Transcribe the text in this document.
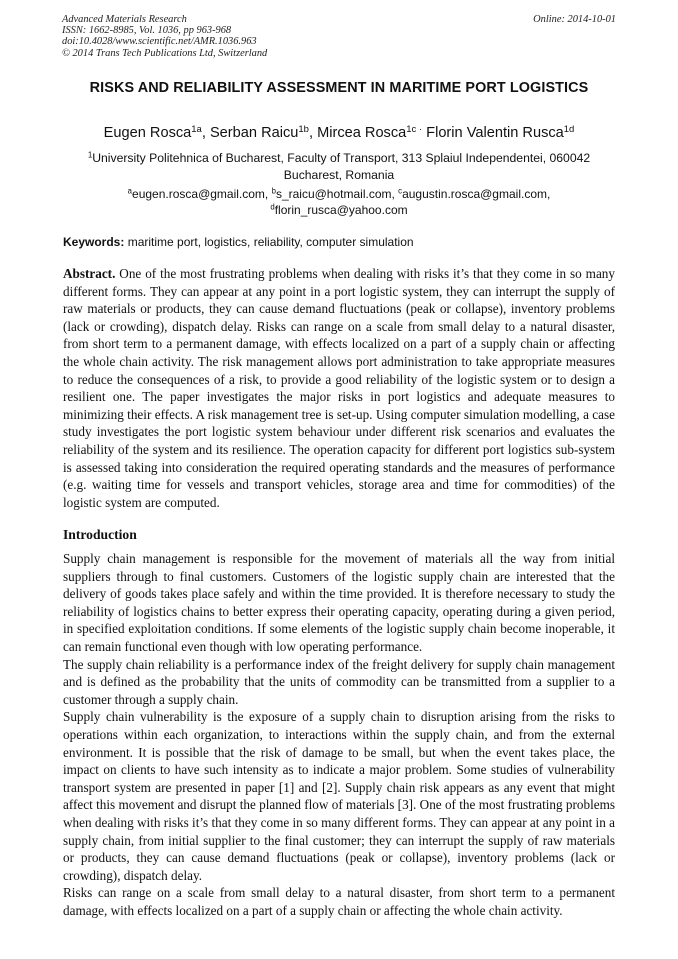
Advanced Materials Research
ISSN: 1662-8985, Vol. 1036, pp 963-968
doi:10.4028/www.scientific.net/AMR.1036.963
© 2014 Trans Tech Publications Ltd, Switzerland
Online: 2014-10-01
RISKS AND RELIABILITY ASSESSMENT IN MARITIME PORT LOGISTICS
Eugen Rosca$^{1a}$, Serban Raicu$^{1b}$, Mircea Rosca$^{1c \cdot}$ Florin Valentin Rusca$^{1d}$
$^1$University Politehnica of Bucharest, Faculty of Transport, 313 Splaiul Independentei, 060042
Bucharest, Romania
$^a$eugen.rosca@gmail.com, $^b$s_raicu@hotmail.com, $^c$augustin.rosca@gmail.com,
$^d$florin_rusca@yahoo.com
Keywords: maritime port, logistics, reliability, computer simulation
Abstract. One of the most frustrating problems when dealing with risks it’s that they come in so many different forms. They can appear at any point in a port logistic system, they can interrupt the supply of raw materials or products, they can cause demand fluctuations (peak or collapse), inventory problems (lack or crowding), dispatch delay. Risks can range on a scale from small delay to a natural disaster, from short term to a permanent damage, with effects localized on a part of a supply chain or affecting the whole chain activity. The risk management allows port administration to take appropriate measures to reduce the consequences of a risk, to provide a good reliability of the logistic system or to design a resilient one. The paper investigates the major risks in port logistics and adequate measures to minimizing their effects. A risk management tree is set-up. Using computer simulation modelling, a case study investigates the port logistic system behaviour under different risk scenarios and evaluates the reliability of the system and its resilience. The operation capacity for different port logistics sub-system is assessed taking into consideration the required operating standards and the measures of performance (e.g. waiting time for vessels and transport vehicles, storage area and time for commodities) of the logistic system are computed.
Introduction

Supply chain management is responsible for the movement of materials all the way from initial suppliers through to final customers. Customers of the logistic supply chain are interested that the delivery of goods takes place safely and within the time provided. It is therefore necessary to study the reliability of logistics chains to better express their operating capacity, operating during a given period, in specified exploitation conditions. If some elements of the logistic supply chain become inoperable, it can remain functional even though with low operating performance.

The supply chain reliability is a performance index of the freight delivery for supply chain management and is defined as the probability that the units of commodity can be transmitted from a supplier to a customer through a supply chain.

Supply chain vulnerability is the exposure of a supply chain to disruption arising from the risks to operations within each organization, to interactions within the supply chain, and from the external environment. It is possible that the risk of damage to be small, but when the event takes place, the impact on clients to have such intensity as to indicate a major problem. Some studies of vulnerability transport system are presented in paper [1] and [2]. Supply chain risk appears as any event that might affect this movement and disrupt the planned flow of materials [3]. One of the most frustrating problems when dealing with risks it’s that they come in so many different forms. They can appear at any point in a supply chain, from initial supplier to the final customer; they can interrupt the supply of raw materials or products, they can cause demand fluctuations (peak or collapse), inventory problems (lack or crowding), dispatch delay.

Risks can range on a scale from small delay to a natural disaster, from short term to a permanent damage, with effects localized on a part of a supply chain or affecting the whole chain activity.
